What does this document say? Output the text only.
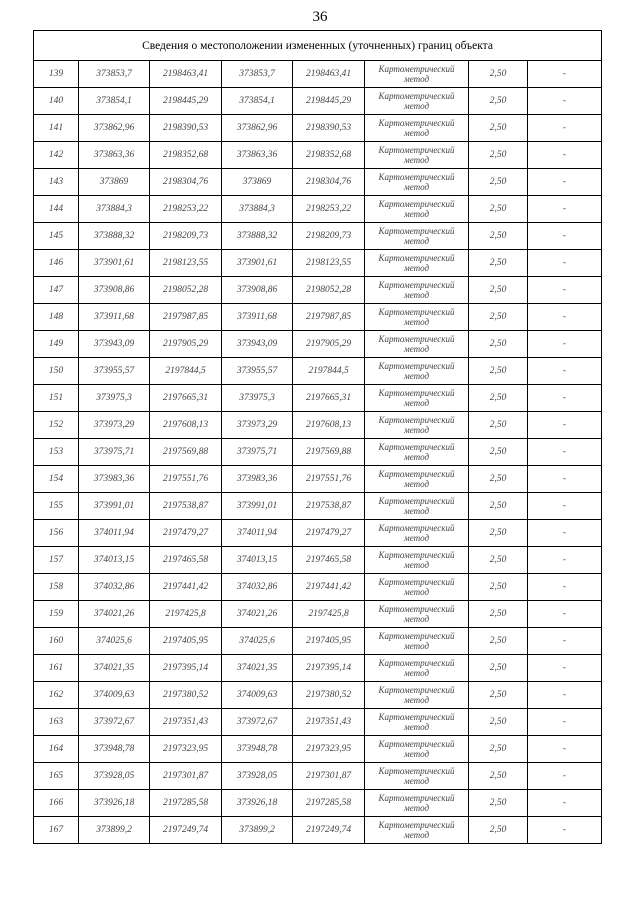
36
Сведения о местоположении измененных (уточненных) границ объекта							
139	373853,7	2198463,41	373853,7	2198463,41	Картометрический метод	2,50	-
140	373854,1	2198445,29	373854,1	2198445,29	Картометрический метод	2,50	-
141	373862,96	2198390,53	373862,96	2198390,53	Картометрический метод	2,50	-
142	373863,36	2198352,68	373863,36	2198352,68	Картометрический метод	2,50	-
143	373869	2198304,76	373869	2198304,76	Картометрический метод	2,50	-
144	373884,3	2198253,22	373884,3	2198253,22	Картометрический метод	2,50	-
145	373888,32	2198209,73	373888,32	2198209,73	Картометрический метод	2,50	-
146	373901,61	2198123,55	373901,61	2198123,55	Картометрический метод	2,50	-
147	373908,86	2198052,28	373908,86	2198052,28	Картометрический метод	2,50	-
148	373911,68	2197987,85	373911,68	2197987,85	Картометрический метод	2,50	-
149	373943,09	2197905,29	373943,09	2197905,29	Картометрический метод	2,50	-
150	373955,57	2197844,5	373955,57	2197844,5	Картометрический метод	2,50	-
151	373975,3	2197665,31	373975,3	2197665,31	Картометрический метод	2,50	-
152	373973,29	2197608,13	373973,29	2197608,13	Картометрический метод	2,50	-
153	373975,71	2197569,88	373975,71	2197569,88	Картометрический метод	2,50	-
154	373983,36	2197551,76	373983,36	2197551,76	Картометрический метод	2,50	-
155	373991,01	2197538,87	373991,01	2197538,87	Картометрический метод	2,50	-
156	374011,94	2197479,27	374011,94	2197479,27	Картометрический метод	2,50	-
157	374013,15	2197465,58	374013,15	2197465,58	Картометрический метод	2,50	-
158	374032,86	2197441,42	374032,86	2197441,42	Картометрический метод	2,50	-
159	374021,26	2197425,8	374021,26	2197425,8	Картометрический метод	2,50	-
160	374025,6	2197405,95	374025,6	2197405,95	Картометрический метод	2,50	-
161	374021,35	2197395,14	374021,35	2197395,14	Картометрический метод	2,50	-
162	374009,63	2197380,52	374009,63	2197380,52	Картометрический метод	2,50	-
163	373972,67	2197351,43	373972,67	2197351,43	Картометрический метод	2,50	-
164	373948,78	2197323,95	373948,78	2197323,95	Картометрический метод	2,50	-
165	373928,05	2197301,87	373928,05	2197301,87	Картометрический метод	2,50	-
166	373926,18	2197285,58	373926,18	2197285,58	Картометрический метод	2,50	-
167	373899,2	2197249,74	373899,2	2197249,74	Картометрический метод	2,50	-
